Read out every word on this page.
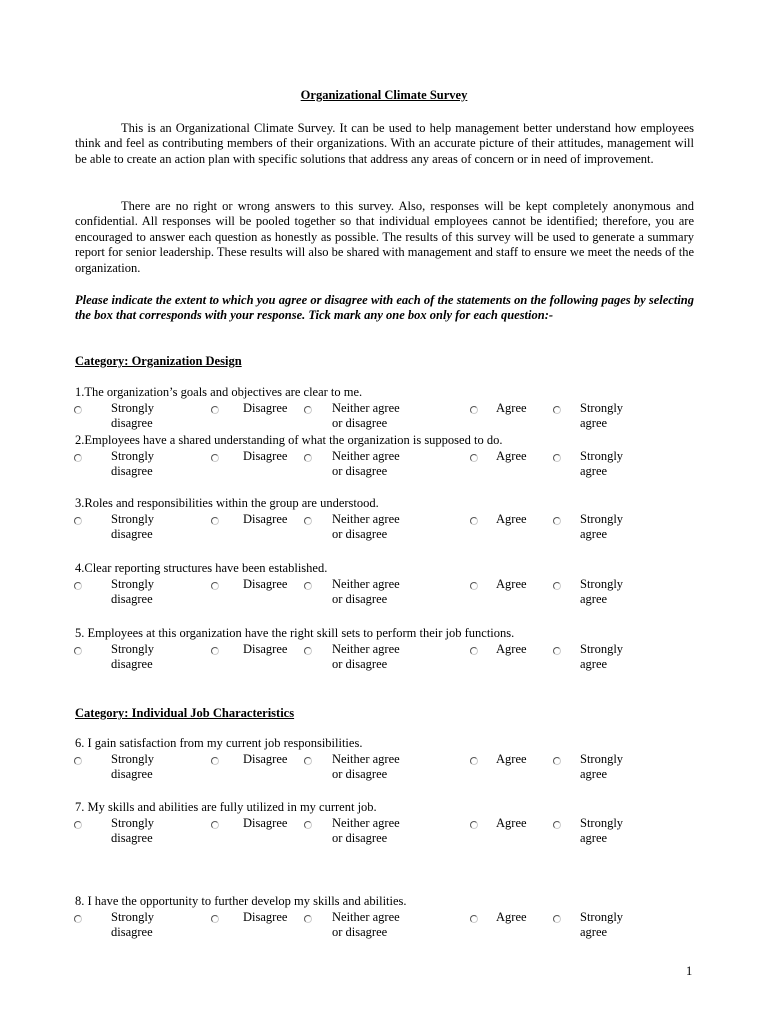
Organizational Climate Survey

This is an Organizational Climate Survey. It can be used to help management better understand how employees think and feel as contributing members of their organizations. With an accurate picture of their attitudes, management will be able to create an action plan with specific solutions that address any areas of concern or in need of improvement.

There are no right or wrong answers to this survey. Also, responses will be kept completely anonymous and confidential. All responses will be pooled together so that individual employees cannot be identified; therefore, you are encouraged to answer each question as honestly as possible. The results of this survey will be used to generate a summary report for senior leadership. These results will also be shared with management and staff to ensure we meet the needs of the organization.

Please indicate the extent to which you agree or disagree with each of the statements on the following pages by selecting the box that corresponds with your response. Tick mark any one box only for each question:-

Category: Organization Design
Category: Individual Job Characteristics
1.The organization’s goals and objectives are clear to me.
Strongly
disagree
Disagree	Neither agree
or disagree
Agree	Strongly
agree
2.Employees have a shared understanding of what the organization is supposed to do.
Strongly
disagree
Disagree	Neither agree
or disagree
Agree	Strongly
agree
3.Roles and responsibilities within the group are understood.
Strongly
disagree
Disagree	Neither agree
or disagree
Agree	Strongly
agree
4.Clear reporting structures have been established.
Strongly
disagree
Disagree	Neither agree
or disagree
Agree	Strongly
agree
5. Employees at this organization have the right skill sets to perform their job functions.
Strongly
disagree
Disagree	Neither agree
or disagree
Agree	Strongly
agree
6. I gain satisfaction from my current job responsibilities.
Strongly
disagree
Disagree	Neither agree
or disagree
Agree	Strongly
agree
7. My skills and abilities are fully utilized in my current job.
Strongly
disagree
Disagree	Neither agree
or disagree
Agree	Strongly
agree
8. I have the opportunity to further develop my skills and abilities.
Strongly
disagree
Disagree	Neither agree
or disagree
Agree	Strongly
agree
1
